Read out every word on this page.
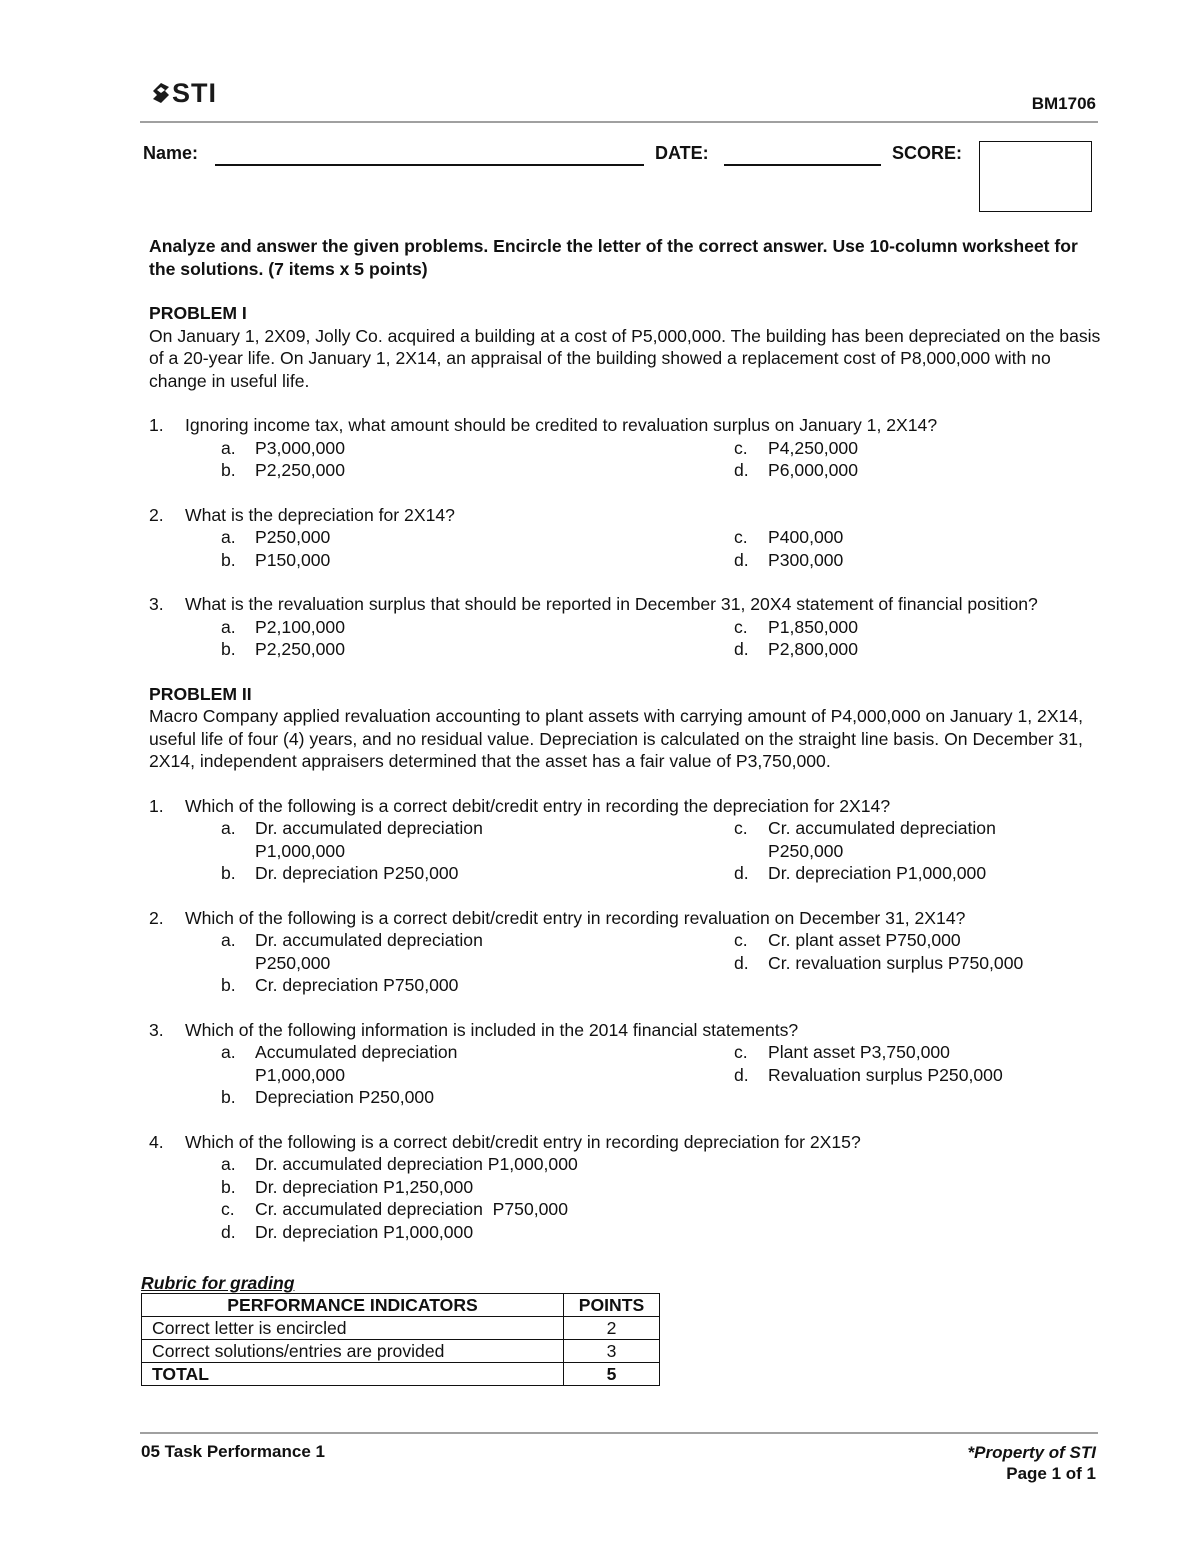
STI	BM1706
Name:	DATE:	SCORE:
Analyze and answer the given problems. Encircle the letter of the correct answer. Use 10-column worksheet for the solutions. (7 items x 5 points)
PROBLEM I
On January 1, 2X09, Jolly Co. acquired a building at a cost of P5,000,000. The building has been depreciated on the basis of a 20-year life. On January 1, 2X14, an appraisal of the building showed a replacement cost of P8,000,000 with no change in useful life.
1.	Ignoring income tax, what amount should be credited to revaluation surplus on January 1, 2X14?
a.	P3,000,000
b.	P2,250,000
c.	P4,250,000
d.	P6,000,000
2.	What is the depreciation for 2X14?
a.	P250,000
b.	P150,000
c.	P400,000
d.	P300,000
3.	What is the revaluation surplus that should be reported in December 31, 20X4 statement of financial position?
a.	P2,100,000
b.	P2,250,000
c.	P1,850,000
d.	P2,800,000
PROBLEM II
Macro Company applied revaluation accounting to plant assets with carrying amount of P4,000,000 on January 1, 2X14, useful life of four (4) years, and no residual value. Depreciation is calculated on the straight line basis. On December 31, 2X14, independent appraisers determined that the asset has a fair value of P3,750,000.
1.	Which of the following is a correct debit/credit entry in recording the depreciation for 2X14?
a.	Dr. accumulated depreciation P1,000,000
b.	Dr. depreciation P250,000
c.	Cr. accumulated depreciation P250,000
d.	Dr. depreciation P1,000,000
2.	Which of the following is a correct debit/credit entry in recording revaluation on December 31, 2X14?
a.	Dr. accumulated depreciation P250,000
b.	Cr. depreciation P750,000
c.	Cr. plant asset P750,000
d.	Cr. revaluation surplus P750,000
3.	Which of the following information is included in the 2014 financial statements?
a.	Accumulated depreciation P1,000,000
b.	Depreciation P250,000
c.	Plant asset P3,750,000
d.	Revaluation surplus P250,000
4.	Which of the following is a correct debit/credit entry in recording depreciation for 2X15?
a.	Dr. accumulated depreciation P1,000,000
b.	Dr. depreciation P1,250,000
c.	Cr. accumulated depreciation  P750,000
d.	Dr. depreciation P1,000,000
Rubric for grading
PERFORMANCE INDICATORS	POINTS
Correct letter is encircled	2
Correct solutions/entries are provided	3
TOTAL	5
05 Task Performance 1	*Property of STI
Page 1 of 1
